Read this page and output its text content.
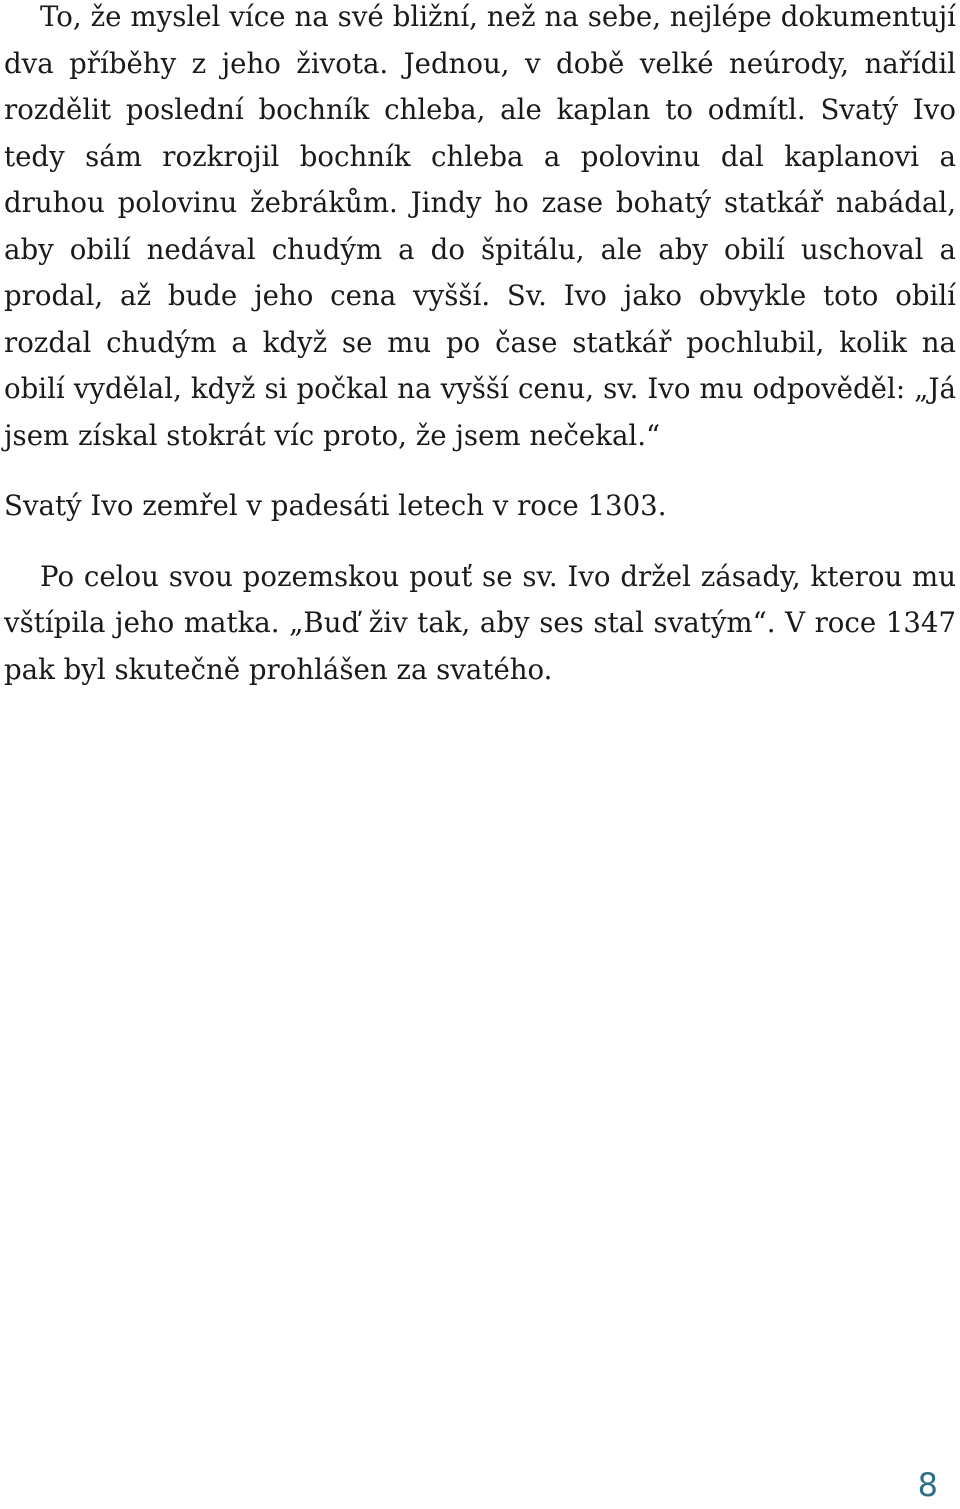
To, že myslel více na své bližní, než na sebe, nejlépe dokumentují dva příběhy z jeho života. Jednou, v době velké neúrody, nařídil rozdělit poslední bochník chleba, ale kaplan to odmítl. Svatý Ivo tedy sám rozkrojil bochník chleba a polovinu dal kaplanovi a druhou polovinu žebrákům. Jindy ho zase bohatý statkář nabádal, aby obilí nedával chudým a do špitálu, ale aby obilí uschoval a prodal, až bude jeho cena vyšší. Sv. Ivo jako obvykle toto obilí rozdal chudým a když se mu po čase statkář pochlubil, kolik na obilí vydělal, když si počkal na vyšší cenu, sv. Ivo mu odpověděl: „Já jsem získal stokrát víc proto, že jsem nečekal.“

Svatý Ivo zemřel v padesáti letech v roce 1303.

Po celou svou pozemskou pouť se sv. Ivo držel zásady, kterou mu vštípila jeho matka. „Buď živ tak, aby ses stal svatým“. V roce 1347 pak byl skutečně prohlášen za svatého.

8
